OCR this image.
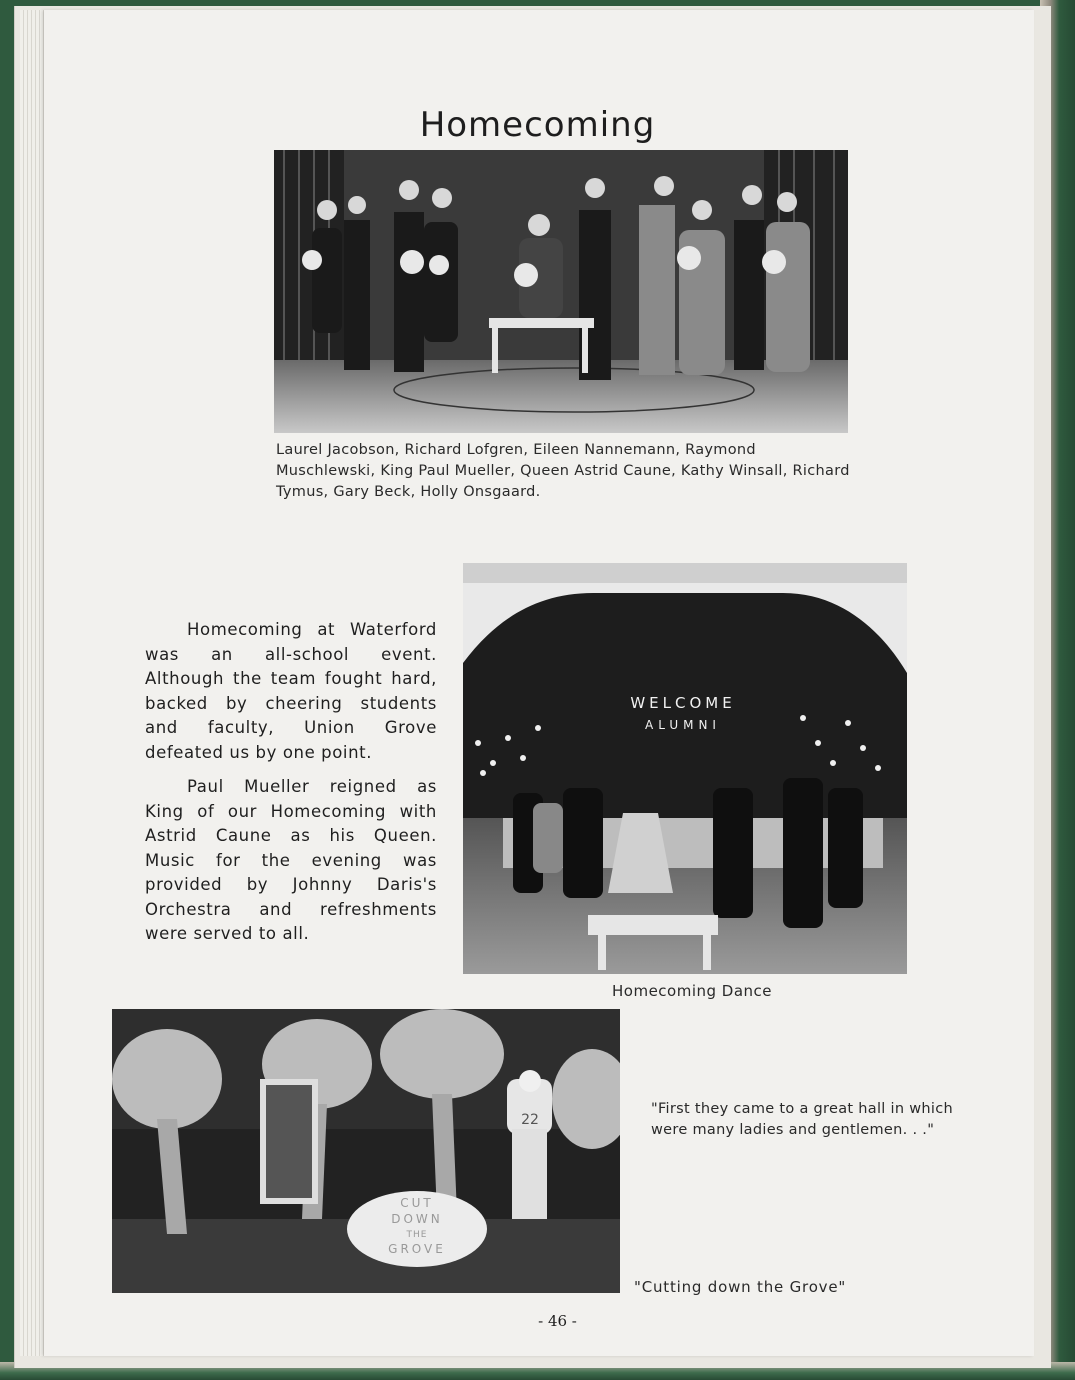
Homecoming
Laurel Jacobson, Richard Lofgren, Eileen Nannemann, Raymond Muschlewski, King Paul Mueller, Queen Astrid Caune, Kathy Winsall, Richard Tymus, Gary Beck, Holly Onsgaard.

Homecoming at Waterford was an all-school event. Although the team fought hard, backed by cheering students and faculty, Union Grove defeated us by one point.

Paul Mueller reigned as King of our Homecoming with Astrid Caune as his Queen. Music for the evening was provided by Johnny Daris's Orchestra and refreshments were served to all.

WELCOME
ALUMNI
Homecoming Dance
22
CUT
DOWN
THE
GROVE
"First they came to a great hall in which were many ladies and gentlemen. . ."
"Cutting down the Grove"
- 46 -
